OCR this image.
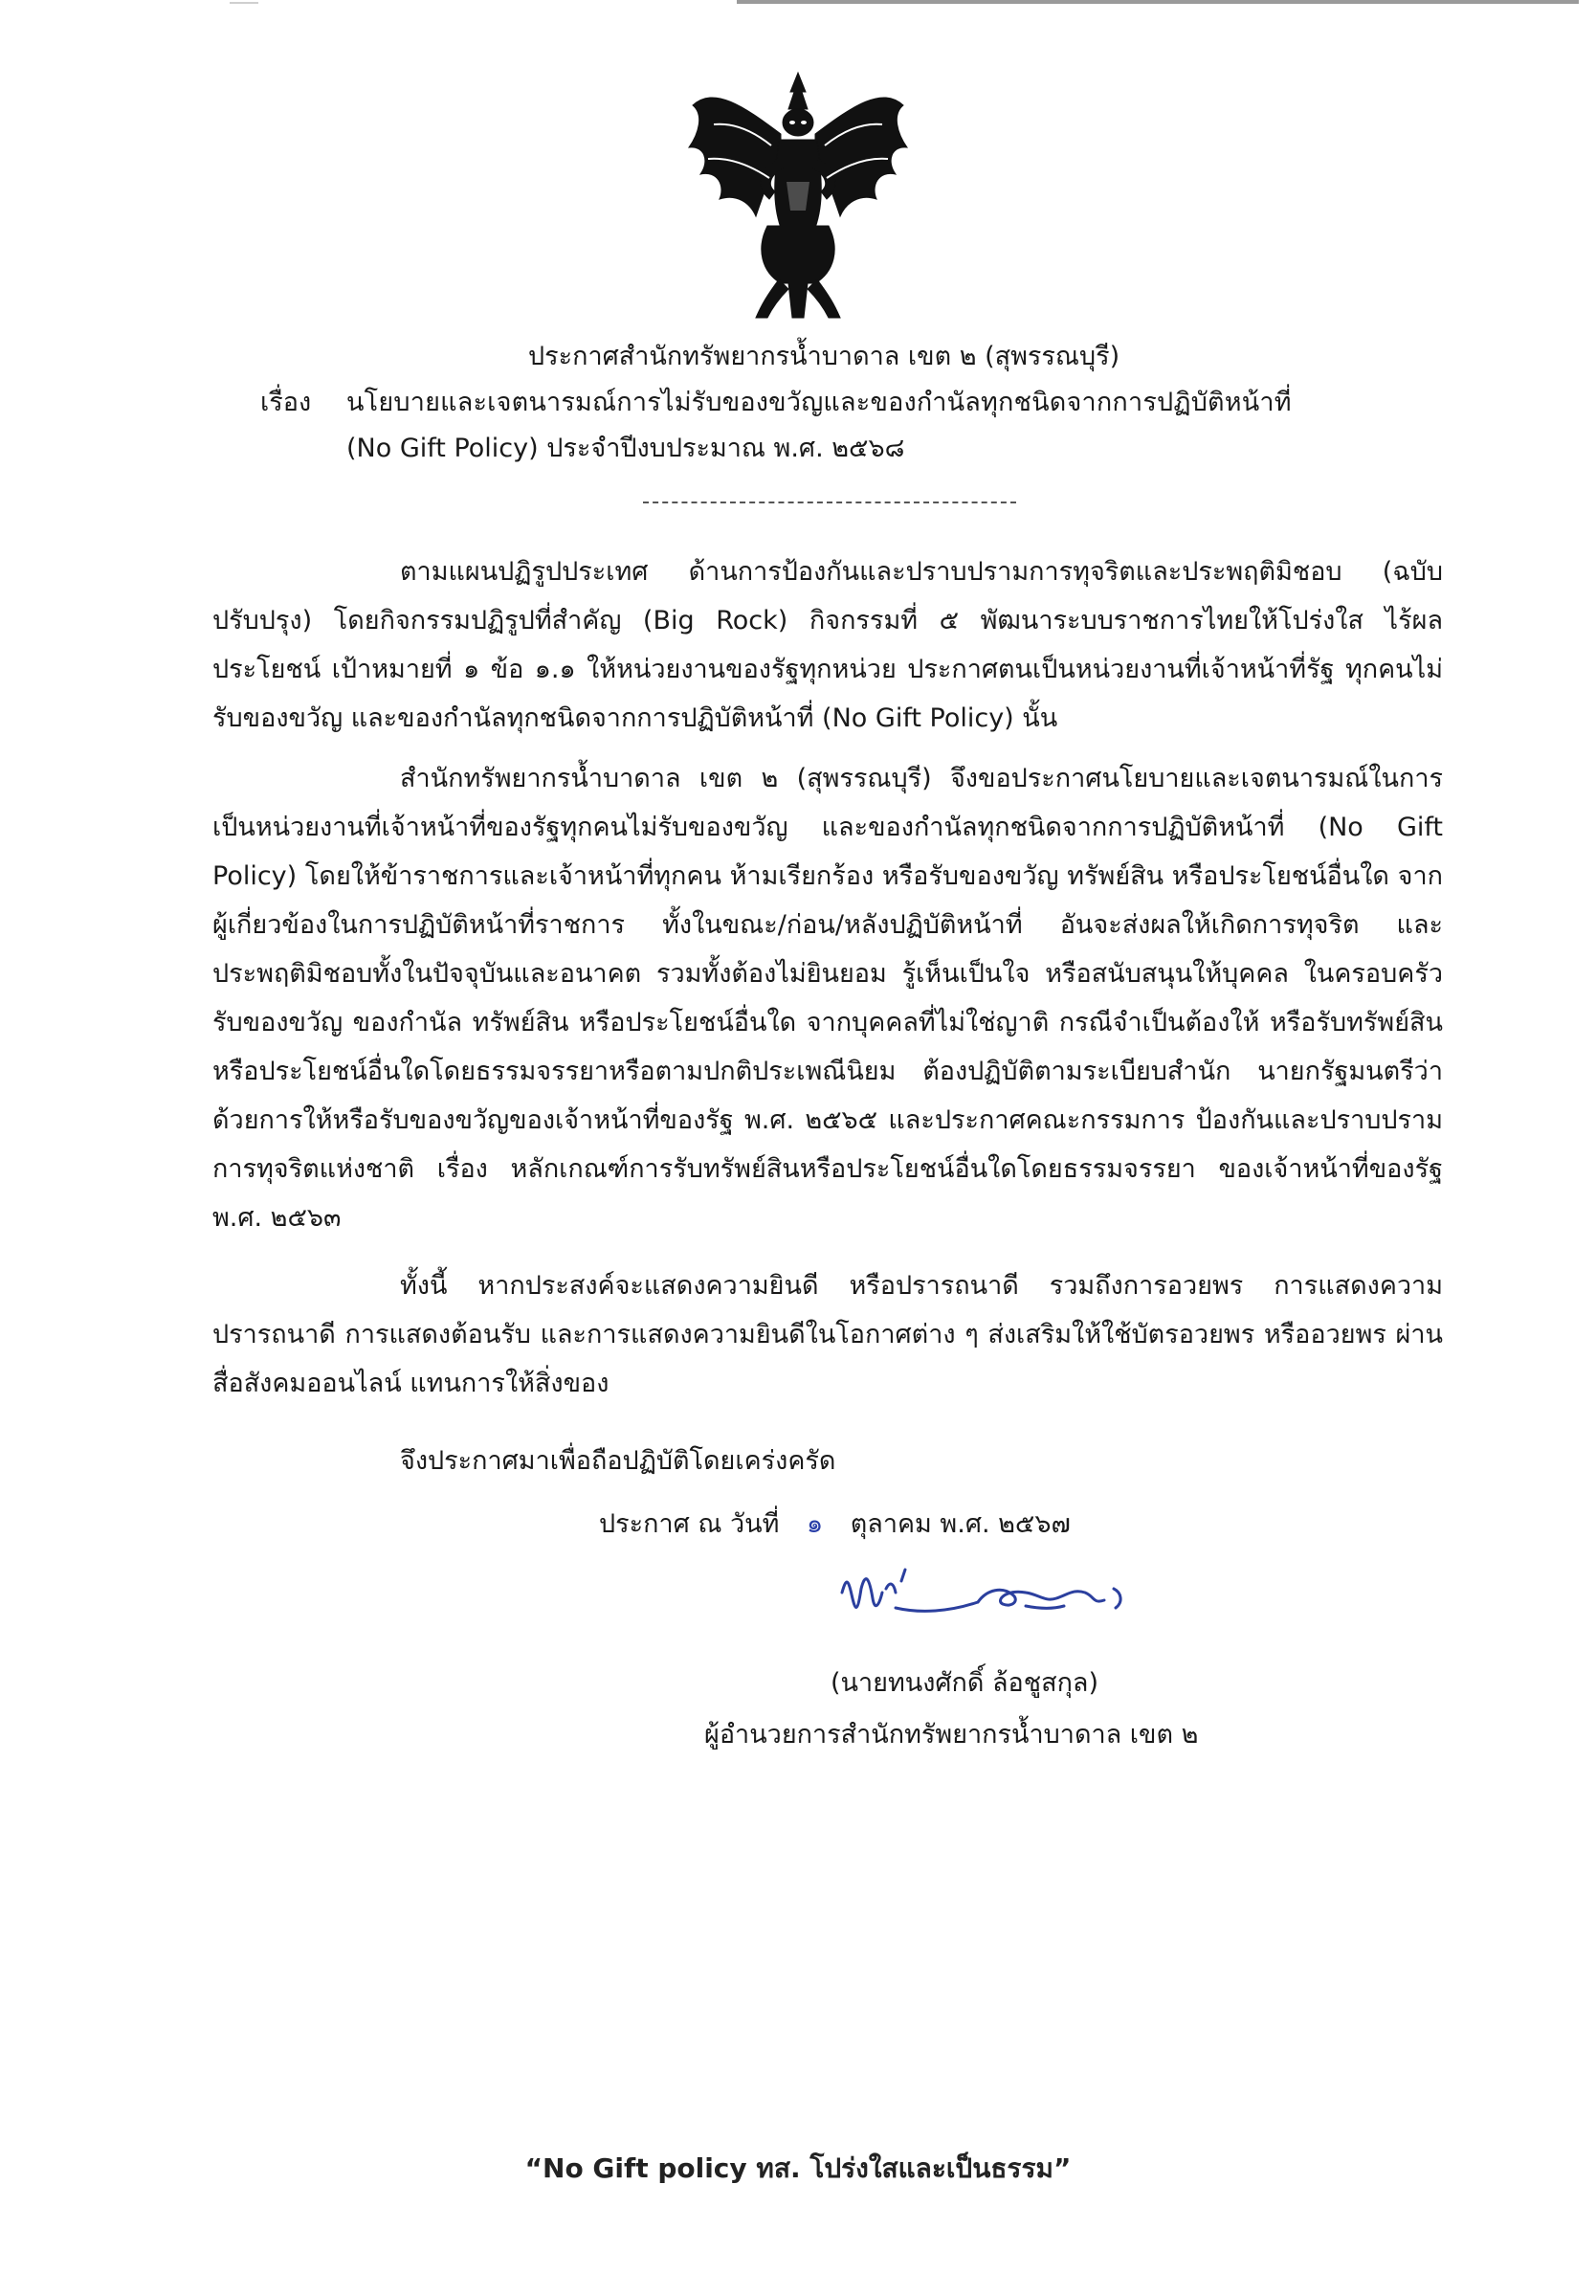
ประกาศสำนักทรัพยากรน้ำบาดาล เขต ๒ (สุพรรณบุรี)
เรื่อง นโยบายและเจตนารมณ์การไม่รับของขวัญและของกำนัลทุกชนิดจากการปฏิบัติหน้าที่
(No Gift Policy) ประจำปีงบประมาณ พ.ศ. ๒๕๖๘
ตามแผนปฏิรูปประเทศ ด้านการป้องกันและปราบปรามการทุจริตและประพฤติมิชอบ (ฉบับปรับปรุง) โดยกิจกรรมปฏิรูปที่สำคัญ (Big Rock) กิจกรรมที่ ๕ พัฒนาระบบราชการไทยให้โปร่งใส ไร้ผลประโยชน์ เป้าหมายที่ ๑ ข้อ ๑.๑ ให้หน่วยงานของรัฐทุกหน่วย ประกาศตนเป็นหน่วยงานที่เจ้าหน้าที่รัฐ ทุกคนไม่รับของขวัญ และของกำนัลทุกชนิดจากการปฏิบัติหน้าที่ (No Gift Policy) นั้น
สำนักทรัพยากรน้ำบาดาล เขต ๒ (สุพรรณบุรี) จึงขอประกาศนโยบายและเจตนารมณ์ในการ เป็นหน่วยงานที่เจ้าหน้าที่ของรัฐทุกคนไม่รับของขวัญ และของกำนัลทุกชนิดจากการปฏิบัติหน้าที่ (No Gift Policy) โดยให้ข้าราชการและเจ้าหน้าที่ทุกคน ห้ามเรียกร้อง หรือรับของขวัญ ทรัพย์สิน หรือประโยชน์อื่นใด จากผู้เกี่ยวข้องในการปฏิบัติหน้าที่ราชการ ทั้งในขณะ/ก่อน/หลังปฏิบัติหน้าที่ อันจะส่งผลให้เกิดการทุจริต และประพฤติมิชอบทั้งในปัจจุบันและอนาคต รวมทั้งต้องไม่ยินยอม รู้เห็นเป็นใจ หรือสนับสนุนให้บุคคล ในครอบครัวรับของขวัญ ของกำนัล ทรัพย์สิน หรือประโยชน์อื่นใด จากบุคคลที่ไม่ใช่ญาติ กรณีจำเป็นต้องให้ หรือรับทรัพย์สินหรือประโยชน์อื่นใดโดยธรรมจรรยาหรือตามปกติประเพณีนิยม ต้องปฏิบัติตามระเบียบสำนัก นายกรัฐมนตรีว่าด้วยการให้หรือรับของขวัญของเจ้าหน้าที่ของรัฐ พ.ศ. ๒๕๖๕ และประกาศคณะกรรมการ ป้องกันและปราบปรามการทุจริตแห่งชาติ เรื่อง หลักเกณฑ์การรับทรัพย์สินหรือประโยชน์อื่นใดโดยธรรมจรรยา ของเจ้าหน้าที่ของรัฐ พ.ศ. ๒๕๖๓
ทั้งนี้ หากประสงค์จะแสดงความยินดี หรือปรารถนาดี รวมถึงการอวยพร การแสดงความ ปรารถนาดี การแสดงต้อนรับ และการแสดงความยินดีในโอกาศต่าง ๆ ส่งเสริมให้ใช้บัตรอวยพร หรืออวยพร ผ่านสื่อสังคมออนไลน์ แทนการให้สิ่งของ
จึงประกาศมาเพื่อถือปฏิบัติโดยเคร่งครัด
ประกาศ ณ วันที่ ๑ ตุลาคม พ.ศ. ๒๕๖๗
(นายทนงศักดิ์ ล้อชูสกุล)
ผู้อำนวยการสำนักทรัพยากรน้ำบาดาล เขต ๒
“No Gift policy ทส. โปร่งใสและเป็นธรรม”
